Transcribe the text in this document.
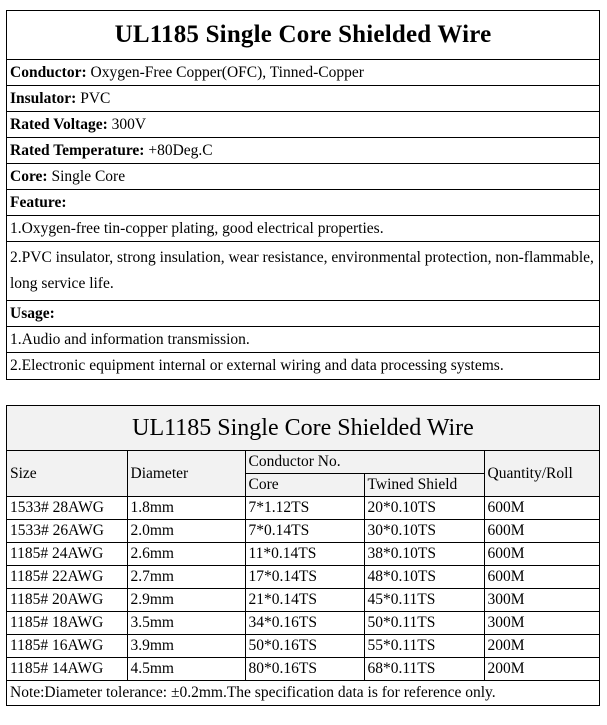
UL1185 Single Core Shielded Wire
Conductor: Oxygen-Free Copper(OFC), Tinned-Copper
Insulator: PVC
Rated Voltage: 300V
Rated Temperature: +80Deg.C
Core: Single Core
Feature:
1.Oxygen-free tin-copper plating, good electrical properties.
2.PVC insulator, strong insulation, wear resistance, environmental protection, non-flammable, long service life.
Usage:
1.Audio and information transmission.
2.Electronic equipment internal or external wiring and data processing systems.
UL1185 Single Core Shielded Wire
Size	Diameter	Conductor No.		Quantity/Roll
		Core	Twined Shield	
1533# 28AWG	1.8mm	7*1.12TS	20*0.10TS	600M
1533# 26AWG	2.0mm	7*0.14TS	30*0.10TS	600M
1185# 24AWG	2.6mm	11*0.14TS	38*0.10TS	600M
1185# 22AWG	2.7mm	17*0.14TS	48*0.10TS	600M
1185# 20AWG	2.9mm	21*0.14TS	45*0.11TS	300M
1185# 18AWG	3.5mm	34*0.16TS	50*0.11TS	300M
1185# 16AWG	3.9mm	50*0.16TS	55*0.11TS	200M
1185# 14AWG	4.5mm	80*0.16TS	68*0.11TS	200M
Note:Diameter tolerance: ±0.2mm.The specification data is for reference only.				
